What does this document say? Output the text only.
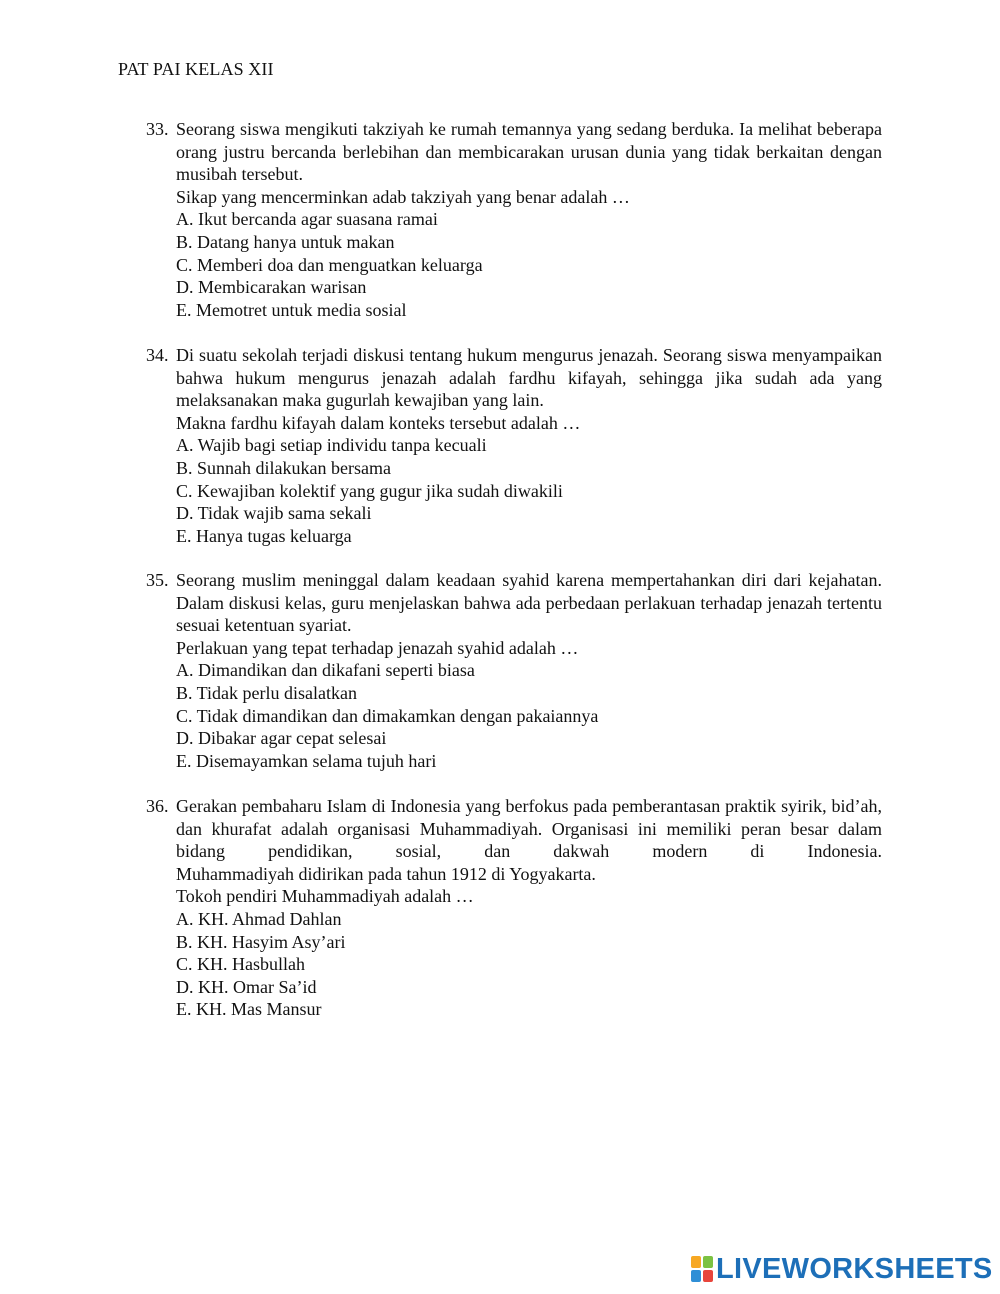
PAT PAI KELAS XII
33. Seorang siswa mengikuti takziyah ke rumah temannya yang sedang berduka. Ia melihat beberapa orang justru bercanda berlebihan dan membicarakan urusan dunia yang tidak berkaitan dengan musibah tersebut.
Sikap yang mencerminkan adab takziyah yang benar adalah …
A. Ikut bercanda agar suasana ramai
B. Datang hanya untuk makan
C. Memberi doa dan menguatkan keluarga
D. Membicarakan warisan
E. Memotret untuk media sosial
34. Di suatu sekolah terjadi diskusi tentang hukum mengurus jenazah. Seorang siswa menyampaikan bahwa hukum mengurus jenazah adalah fardhu kifayah, sehingga jika sudah ada yang melaksanakan maka gugurlah kewajiban yang lain.
Makna fardhu kifayah dalam konteks tersebut adalah …
A. Wajib bagi setiap individu tanpa kecuali
B. Sunnah dilakukan bersama
C. Kewajiban kolektif yang gugur jika sudah diwakili
D. Tidak wajib sama sekali
E. Hanya tugas keluarga
35. Seorang muslim meninggal dalam keadaan syahid karena mempertahankan diri dari kejahatan. Dalam diskusi kelas, guru menjelaskan bahwa ada perbedaan perlakuan terhadap jenazah tertentu sesuai ketentuan syariat.
Perlakuan yang tepat terhadap jenazah syahid adalah …
A. Dimandikan dan dikafani seperti biasa
B. Tidak perlu disalatkan
C. Tidak dimandikan dan dimakamkan dengan pakaiannya
D. Dibakar agar cepat selesai
E. Disemayamkan selama tujuh hari
36. Gerakan pembaharu Islam di Indonesia yang berfokus pada pemberantasan praktik syirik, bid’ah, dan khurafat adalah organisasi Muhammadiyah. Organisasi ini memiliki peran besar dalam bidang pendidikan, sosial, dan dakwah modern di Indonesia.
Muhammadiyah didirikan pada tahun 1912 di Yogyakarta.
Tokoh pendiri Muhammadiyah adalah …
A. KH. Ahmad Dahlan
B. KH. Hasyim Asy’ari
C. KH. Hasbullah
D. KH. Omar Sa’id
E. KH. Mas Mansur
LIVEWORKSHEETS
